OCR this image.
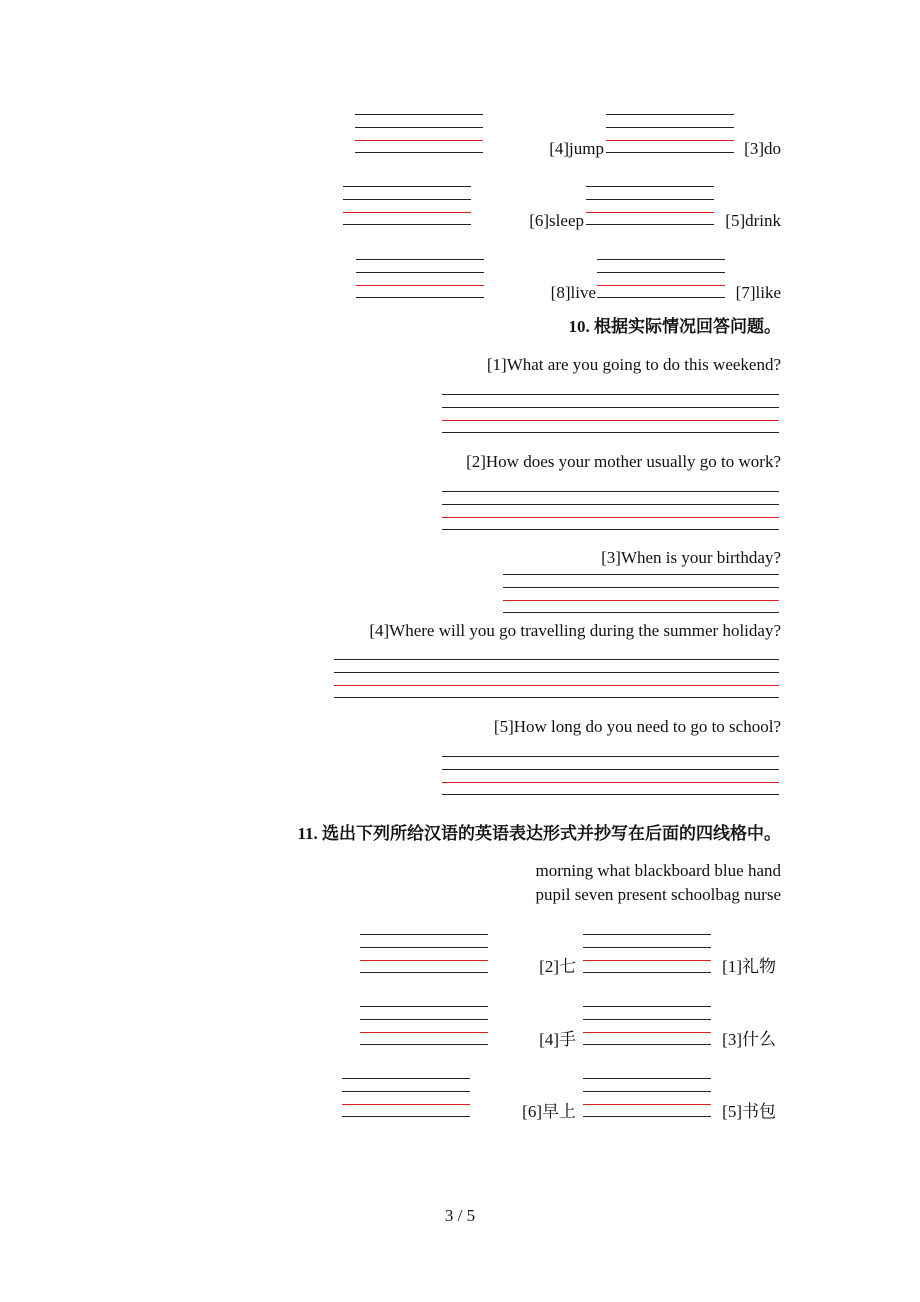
[4]jump	[3]do
[6]sleep	[5]drink
[8]live	[7]like
10. 根据实际情况回答问题。
[1]What are you going to do this weekend?
[2]How does your mother usually go to work?
[3]When is your birthday?
[4]Where will you go travelling during the summer holiday?
[5]How long do you need to go to school?
11. 选出下列所给汉语的英语表达形式并抄写在后面的四线格中。
morning what blackboard blue hand
pupil seven present schoolbag nurse
[2]七	[1]礼物
[4]手	[3]什么
[6]早上	[5]书包
3 / 5
